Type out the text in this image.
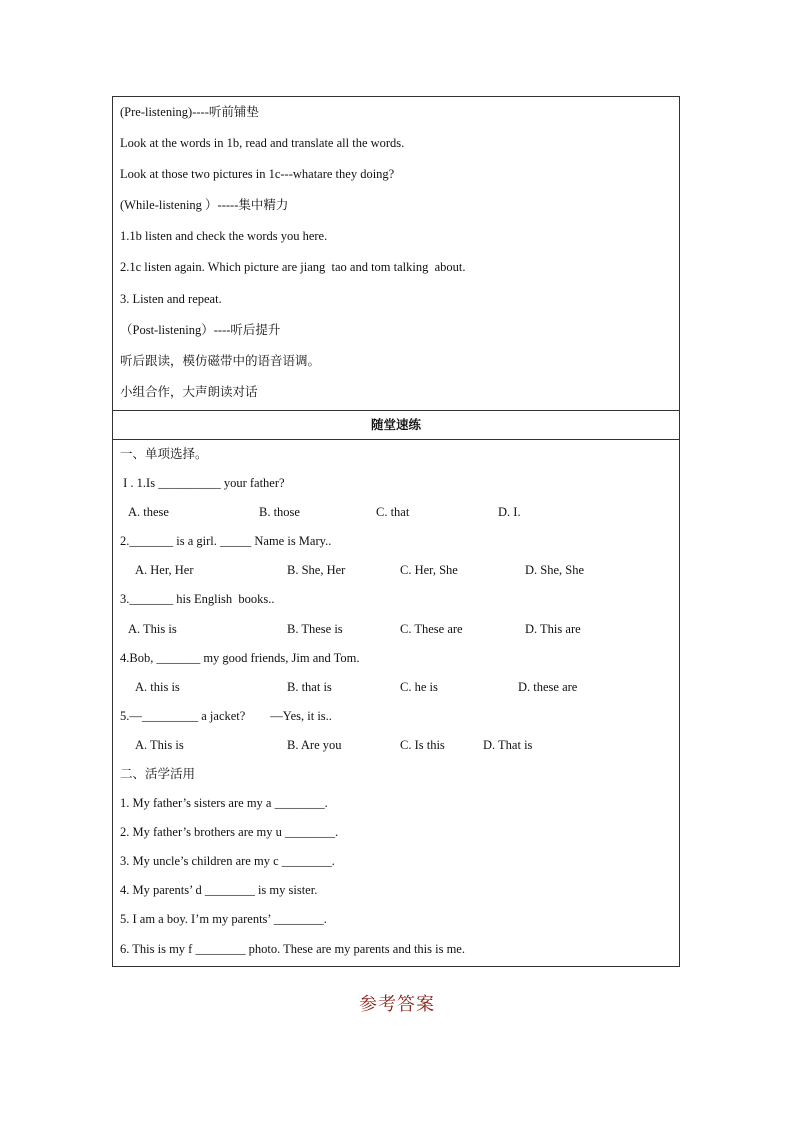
(Pre-listening)----听前铺垫
Look at the words in 1b, read and translate all the words.
Look at those two pictures in 1c---whatare they doing?
(While-listening ）-----集中精力
1.1b listen and check the words you here.
2.1c listen again. Which picture are jiang  tao and tom talking  about.
3. Listen and repeat.
（Post-listening）----听后提升
听后跟读，模仿磁带中的语音语调。
小组合作，大声朗读对话
随堂速练
一、单项选择。
I . 1.Is __________ your father?
A. these	B. those	C. that	D. I.
2._______ is a girl. _____ Name is Mary..
A. Her, Her	B. She, Her	C. Her, She	D. She, She
3._______ his English  books..
A. This is	B. These is	C. These are	D. This are
4.Bob, _______ my good friends, Jim and Tom.
A. this is	B. that is	C. he is	D. these are
5.—_________ a jacket?        —Yes, it is..
A. This is	B. Are you	C. Is this	D. That is
二、活学活用
1. My father’s sisters are my a ________.
2. My father’s brothers are my u ________.
3. My uncle’s children are my c ________.
4. My parents’ d ________ is my sister.
5. I am a boy. I’m my parents’ ________.
6. This is my f ________ photo. These are my parents and this is me.
参考答案
